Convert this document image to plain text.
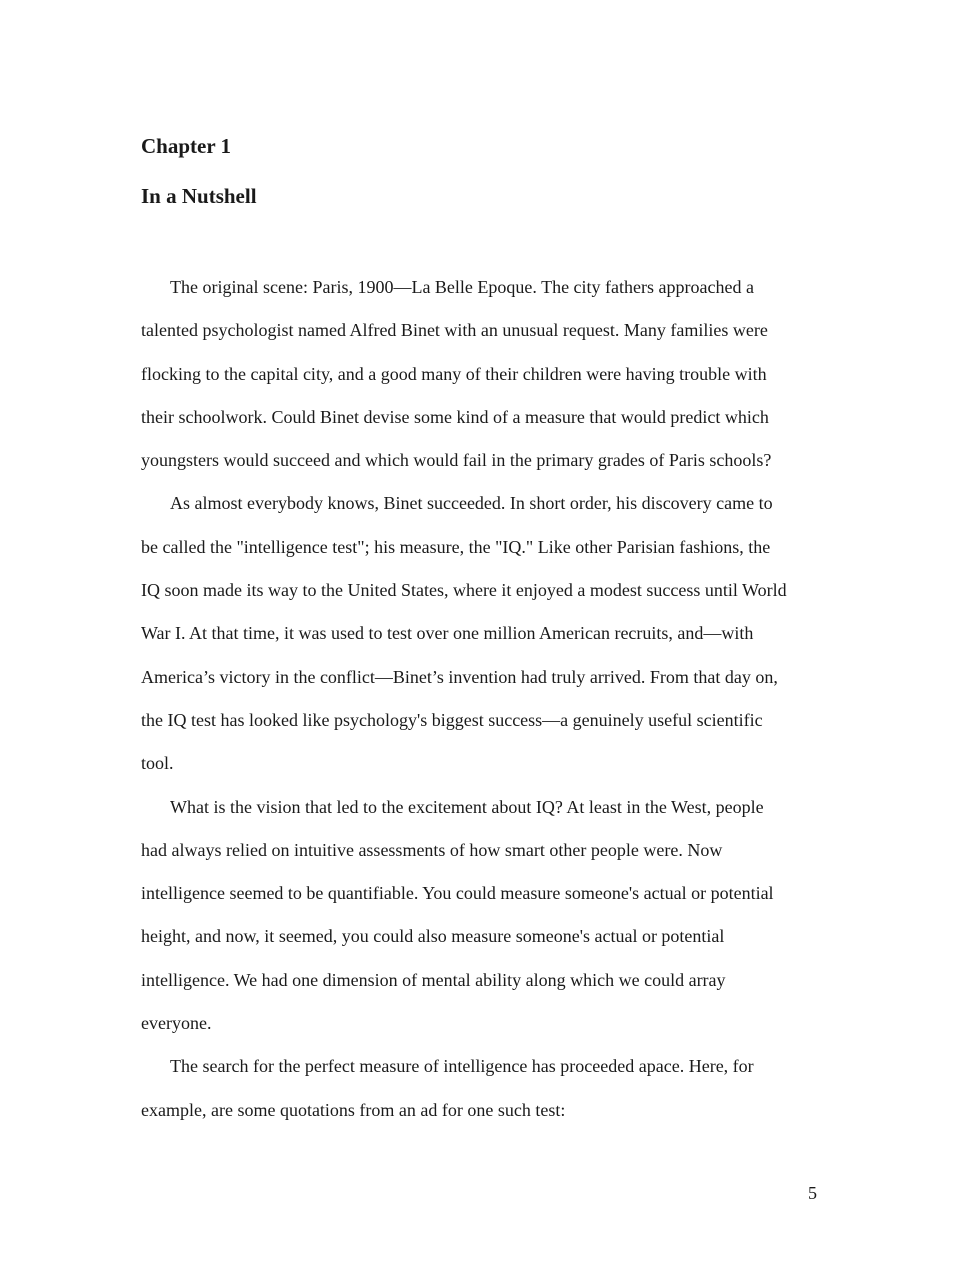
Chapter 1
In a Nutshell
The original scene: Paris, 1900—La Belle Epoque. The city fathers approached a
talented psychologist named Alfred Binet with an unusual request. Many families were
flocking to the capital city, and a good many of their children were having trouble with
their schoolwork. Could Binet devise some kind of a measure that would predict which
youngsters would succeed and which would fail in the primary grades of Paris schools?
As almost everybody knows, Binet succeeded. In short order, his discovery came to
be called the "intelligence test"; his measure, the "IQ." Like other Parisian fashions, the
IQ soon made its way to the United States, where it enjoyed a modest success until World
War I. At that time, it was used to test over one million American recruits, and—with
America’s victory in the conflict—Binet’s invention had truly arrived. From that day on,
the IQ test has looked like psychology's biggest success—a genuinely useful scientific
tool.
What is the vision that led to the excitement about IQ? At least in the West, people
had always relied on intuitive assessments of how smart other people were. Now
intelligence seemed to be quantifiable. You could measure someone's actual or potential
height, and now, it seemed, you could also measure someone's actual or potential
intelligence. We had one dimension of mental ability along which we could array
everyone.
The search for the perfect measure of intelligence has proceeded apace. Here, for
example, are some quotations from an ad for one such test:
5
